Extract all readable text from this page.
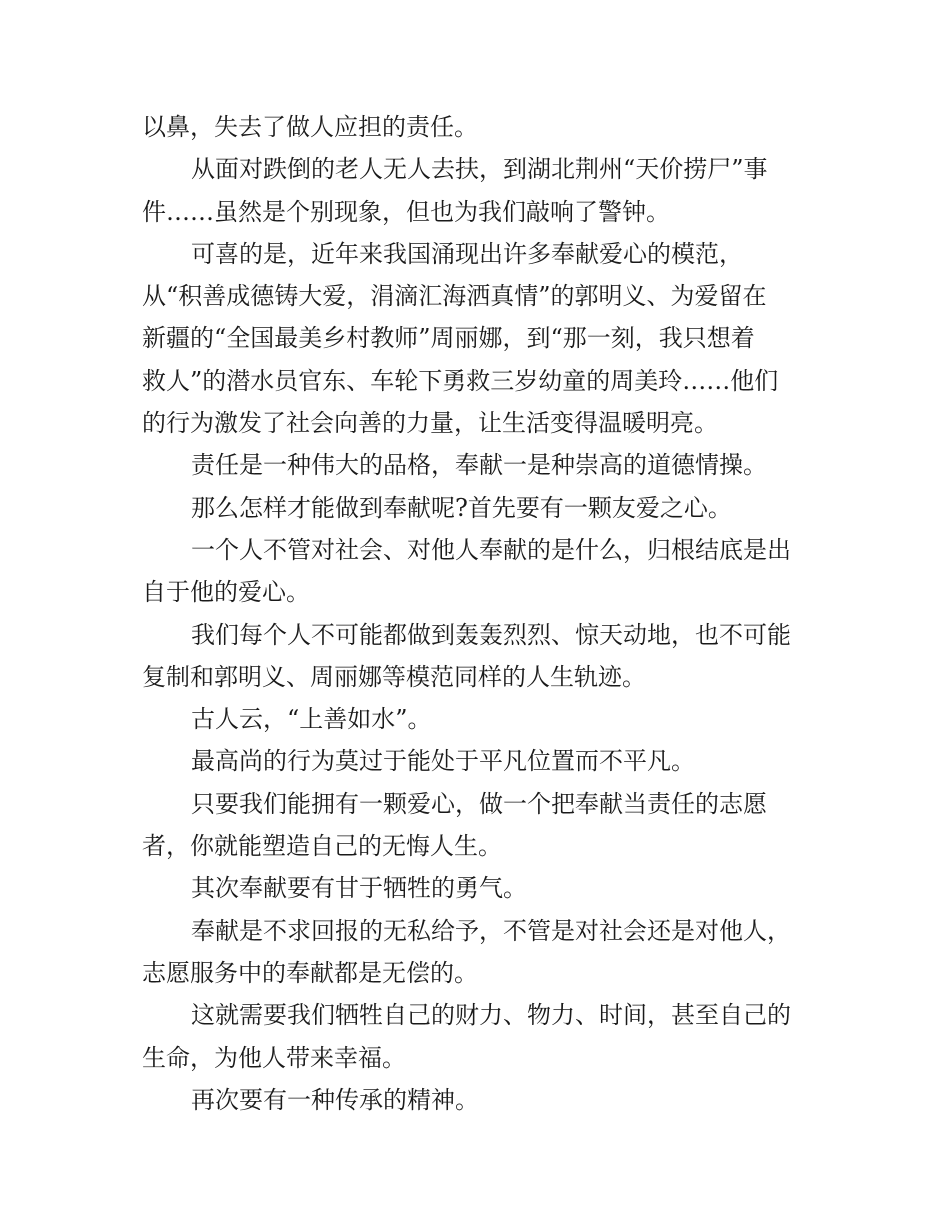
以鼻，失去了做人应担的责任。
从面对跌倒的老人无人去扶，到湖北荆州“天价捞尸”事
件……虽然是个别现象，但也为我们敲响了警钟。
可喜的是，近年来我国涌现出许多奉献爱心的模范，
从“积善成德铸大爱，涓滴汇海洒真情”的郭明义、为爱留在
新疆的“全国最美乡村教师”周丽娜，到“那一刻，我只想着
救人”的潜水员官东、车轮下勇救三岁幼童的周美玲……他们
的行为激发了社会向善的力量，让生活变得温暖明亮。
责任是一种伟大的品格，奉献一是种崇高的道德情操。
那么怎样才能做到奉献呢?首先要有一颗友爱之心。
一个人不管对社会、对他人奉献的是什么，归根结底是出
自于他的爱心。
我们每个人不可能都做到轰轰烈烈、惊天动地，也不可能
复制和郭明义、周丽娜等模范同样的人生轨迹。
古人云，“上善如水”。
最高尚的行为莫过于能处于平凡位置而不平凡。
只要我们能拥有一颗爱心，做一个把奉献当责任的志愿
者，你就能塑造自己的无悔人生。
其次奉献要有甘于牺牲的勇气。
奉献是不求回报的无私给予，不管是对社会还是对他人，
志愿服务中的奉献都是无偿的。
这就需要我们牺牲自己的财力、物力、时间，甚至自己的
生命，为他人带来幸福。
再次要有一种传承的精神。
